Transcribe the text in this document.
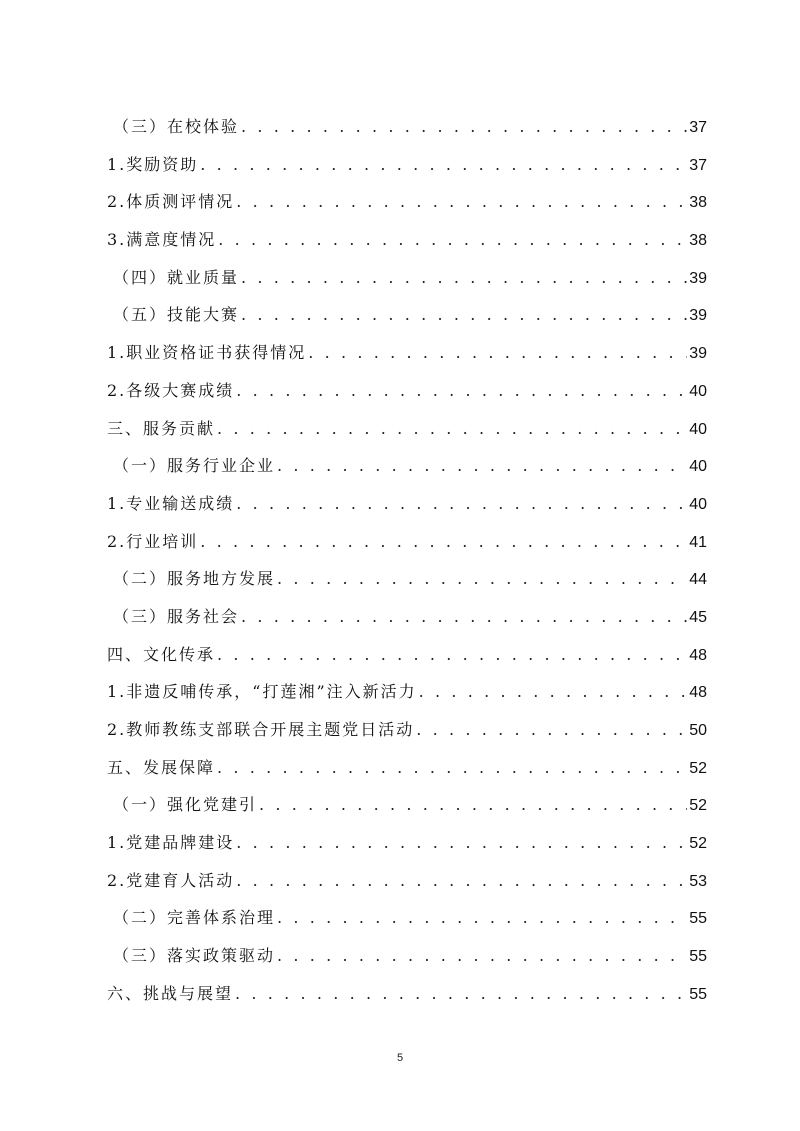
（三）在校体验 . . .	37
1.奖励资助 . . .	37
2.体质测评情况 . . .	38
3.满意度情况 . . .	38
（四）就业质量 . . .	39
（五）技能大赛 . . .	39
1.职业资格证书获得情况 . . .	39
2.各级大赛成绩 . . .	40
三、服务贡献 . . .	40
（一）服务行业企业 . . .	40
1.专业输送成绩 . . .	40
2.行业培训 . . .	41
（二）服务地方发展 . . .	44
（三）服务社会 . . .	45
四、文化传承 . . .	48
1.非遗反哺传承，“打莲湘”注入新活力 . . .	48
2.教师教练支部联合开展主题党日活动 . . .	50
五、发展保障 . . .	52
（一）强化党建引 . . .	52
1.党建品牌建设 . . .	52
2.党建育人活动 . . .	53
（二）完善体系治理 . . .	55
（三）落实政策驱动 . . .	55
六、挑战与展望 . . .	55
5
